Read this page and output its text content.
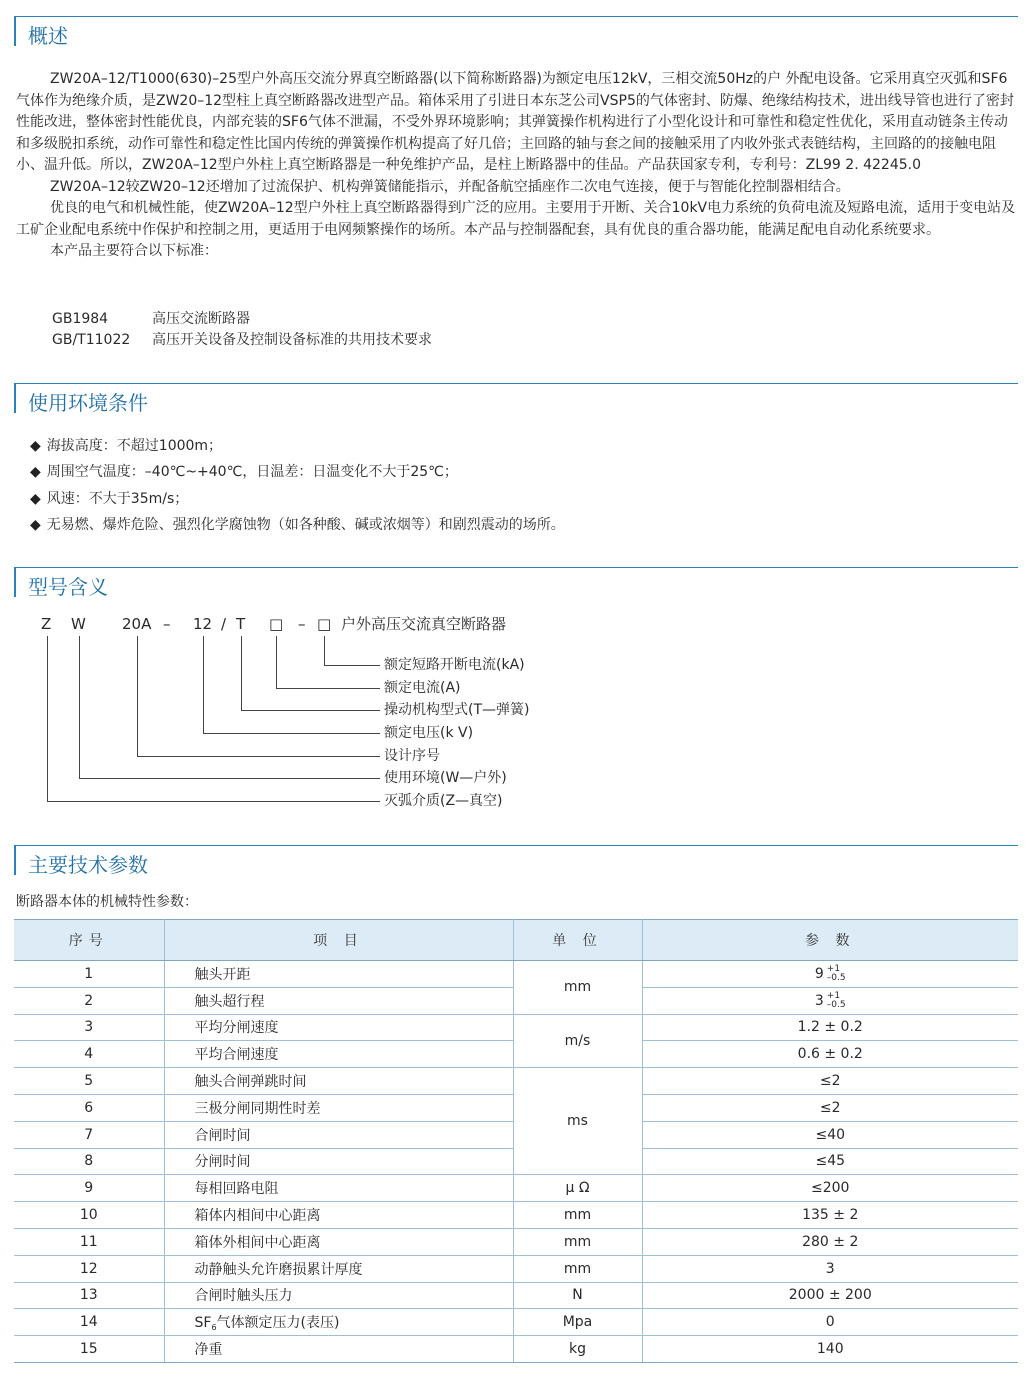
概述

ZW20A–12/T1000(630)–25型户外高压交流分界真空断路器(以下简称断路器)为额定电压12kV，三相交流50Hz的户 外配电设备。它采用真空灭弧和SF6气体作为绝缘介质，是ZW20–12型柱上真空断路器改进型产品。箱体采用了引进日本东芝公司VSP5的气体密封、防爆、绝缘结构技术，进出线导管也进行了密封性能改进，整体密封性能优良，内部充装的SF6气体不泄漏，不受外界环境影响；其弹簧操作机构进行了小型化设计和可靠性和稳定性优化，采用直动链条主传动和多级脱扣系统，动作可靠性和稳定性比国内传统的弹簧操作机构提高了好几倍；主回路的轴与套之间的接触采用了内收外张式表链结构，主回路的的接触电阻小、温升低。所以，ZW20A–12型户外柱上真空断路器是一种免维护产品，是柱上断路器中的佳品。产品获国家专利，专利号：ZL99 2. 42245.0

ZW20A–12较ZW20–12还增加了过流保护、机构弹簧储能指示，并配备航空插座作二次电气连接，便于与智能化控制器相结合。

优良的电气和机械性能，使ZW20A–12型户外柱上真空断路器得到广泛的应用。主要用于开断、关合10kV电力系统的负荷电流及短路电流，适用于变电站及工矿企业配电系统中作保护和控制之用，更适用于电网频繁操作的场所。本产品与控制器配套，具有优良的重合器功能，能满足配电自动化系统要求。

本产品主要符合以下标准：

GB1984	高压交流断路器
GB/T11022 高压开关设备及控制设备标准的共用技术要求
使用环境条件
◆ 海拔高度：不超过1000m；
◆ 周围空气温度：–40℃~+40℃，日温差：日温变化不大于25℃；
◆ 风速：不大于35m/s；
◆ 无易燃、爆炸危险、强烈化学腐蚀物（如各种酸、碱或浓烟等）和剧烈震动的场所。
型号含义
Z W 20A – 12 / T □ – □ 户外高压交流真空断路器
额定短路开断电流(kA)
额定电流(A)
操动机构型式(T—弹簧)
额定电压(k V)
设计序号
使用环境(W—户外)
灭弧介质(Z—真空)
主要技术参数
断路器本体的机械特性参数：
序号	项 目	单 位	参 数
1	触头开距	mm	9 +1
–0.5
2	触头超行程		3 +1
–0.5
3	平均分闸速度	m/s	1.2 ± 0.2
4	平均合闸速度		0.6 ± 0.2
5	触头合闸弹跳时间	ms	≤2
6	三极分闸同期性时差		≤2
7	合闸时间		≤40
8	分闸时间		≤45
9	每相回路电阻	μ Ω	≤200
10	箱体内相间中心距离	mm	135 ± 2
11	箱体外相间中心距离	mm	280 ± 2
12	动静触头允许磨损累计厚度	mm	3
13	合闸时触头压力	N	2000 ± 200
14	$SF_6$气体额定压力(表压)	Mpa	0
15	净重	kg	140
